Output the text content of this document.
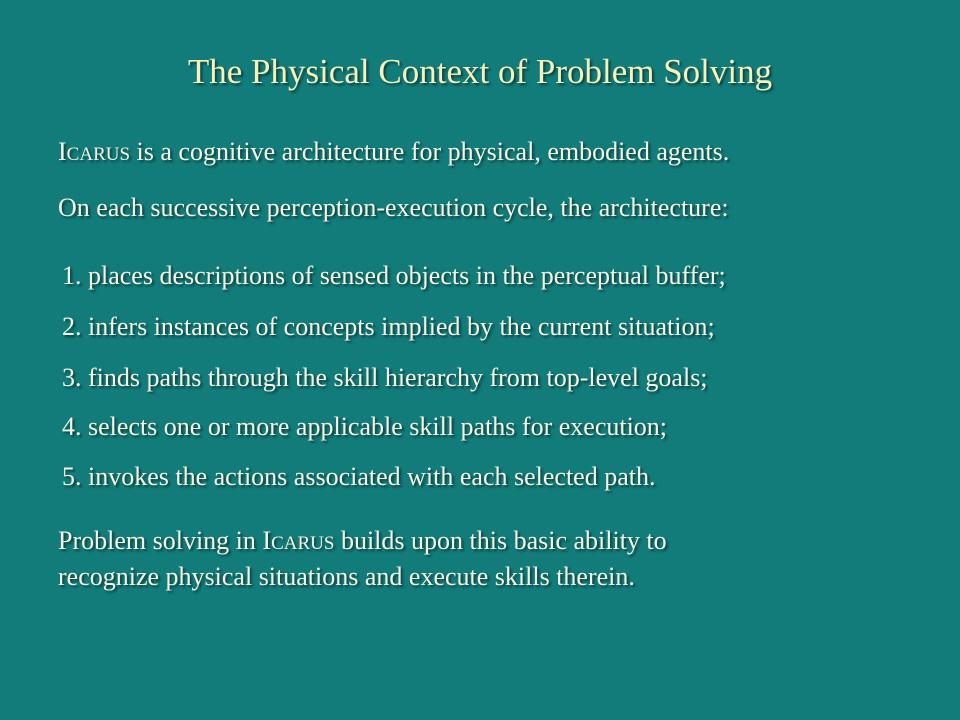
The Physical Context of Problem Solving
ICARUS is a cognitive architecture for physical, embodied agents.
On each successive perception-execution cycle, the architecture:
1. places descriptions of sensed objects in the perceptual buffer;
2. infers instances of concepts implied by the current situation;
3. finds paths through the skill hierarchy from top-level goals;
4. selects one or more applicable skill paths for execution;
5. invokes the actions associated with each selected path.
Problem solving in ICARUS builds upon this basic ability to
recognize physical situations and execute skills therein.
